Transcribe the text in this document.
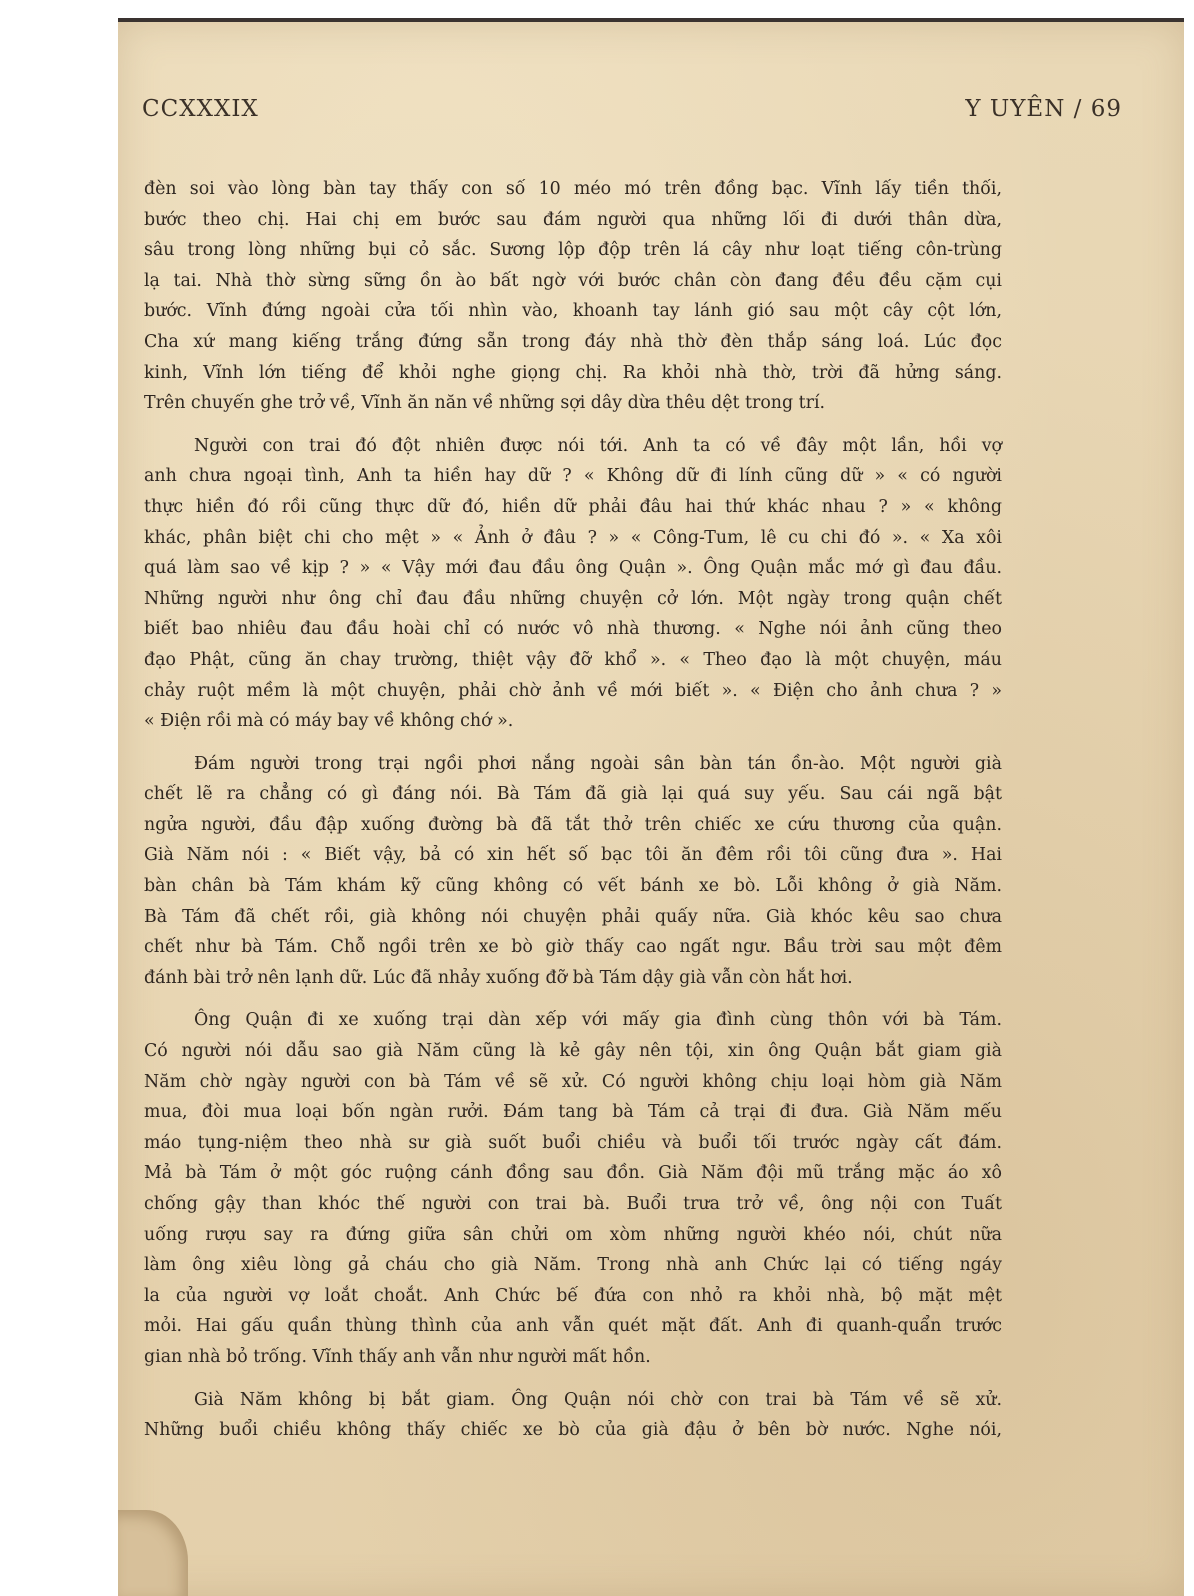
CCXXXIX	Y UYÊN / 69
đèn soi vào lòng bàn tay thấy con số 10 méo mó trên đồng bạc. Vĩnh lấy tiền thối,
bước theo chị. Hai chị em bước sau đám người qua những lối đi dưới thân dừa,
sâu trong lòng những bụi cỏ sắc. Sương lộp độp trên lá cây như loạt tiếng côn-trùng
lạ tai. Nhà thờ sừng sững ồn ào bất ngờ với bước chân còn đang đều đều cặm cụi
bước. Vĩnh đứng ngoài cửa tối nhìn vào, khoanh tay lánh gió sau một cây cột lớn,
Cha xứ mang kiếng trắng đứng sẵn trong đáy nhà thờ đèn thắp sáng loá. Lúc đọc
kinh, Vĩnh lớn tiếng để khỏi nghe giọng chị. Ra khỏi nhà thờ, trời đã hửng sáng.
Trên chuyến ghe trở về, Vĩnh ăn năn về những sợi dây dừa thêu dệt trong trí.
Người con trai đó đột nhiên được nói tới. Anh ta có về đây một lần, hồi vợ
anh chưa ngoại tình, Anh ta hiền hay dữ ? « Không dữ đi lính cũng dữ » « có người
thực hiền đó rồi cũng thực dữ đó, hiền dữ phải đâu hai thứ khác nhau ? » « không
khác, phân biệt chi cho mệt » « Ảnh ở đâu ? » « Công-Tum, lê cu chi đó ». « Xa xôi
quá làm sao về kịp ? » « Vậy mới đau đầu ông Quận ». Ông Quận mắc mớ gì đau đầu.
Những người như ông chỉ đau đầu những chuyện cở lớn. Một ngày trong quận chết
biết bao nhiêu đau đầu hoài chỉ có nước vô nhà thương. « Nghe nói ảnh cũng theo
đạo Phật, cũng ăn chay trường, thiệt vậy đỡ khổ ». « Theo đạo là một chuyện, máu
chảy ruột mềm là một chuyện, phải chờ ảnh về mới biết ». « Điện cho ảnh chưa ? »
« Điện rồi mà có máy bay về không chớ ».
Đám người trong trại ngồi phơi nắng ngoài sân bàn tán ồn-ào. Một người già
chết lẽ ra chẳng có gì đáng nói. Bà Tám đã già lại quá suy yếu. Sau cái ngã bật
ngửa người, đầu đập xuống đường bà đã tắt thở trên chiếc xe cứu thương của quận.
Già Năm nói : « Biết vậy, bả có xin hết số bạc tôi ăn đêm rồi tôi cũng đưa ». Hai
bàn chân bà Tám khám kỹ cũng không có vết bánh xe bò. Lỗi không ở già Năm.
Bà Tám đã chết rồi, già không nói chuyện phải quấy nữa. Già khóc kêu sao chưa
chết như bà Tám. Chỗ ngồi trên xe bò giờ thấy cao ngất ngư. Bầu trời sau một đêm
đánh bài trở nên lạnh dữ. Lúc đã nhảy xuống đỡ bà Tám dậy già vẫn còn hắt hơi.
Ông Quận đi xe xuống trại dàn xếp với mấy gia đình cùng thôn với bà Tám.
Có người nói dẫu sao già Năm cũng là kẻ gây nên tội, xin ông Quận bắt giam già
Năm chờ ngày người con bà Tám về sẽ xử. Có người không chịu loại hòm già Năm
mua, đòi mua loại bốn ngàn rưởi. Đám tang bà Tám cả trại đi đưa. Già Năm mếu
máo tụng-niệm theo nhà sư già suốt buổi chiều và buổi tối trước ngày cất đám.
Mả bà Tám ở một góc ruộng cánh đồng sau đồn. Già Năm đội mũ trắng mặc áo xô
chống gậy than khóc thế người con trai bà. Buổi trưa trở về, ông nội con Tuất
uống rượu say ra đứng giữa sân chửi om xòm những người khéo nói, chút nữa
làm ông xiêu lòng gả cháu cho già Năm. Trong nhà anh Chức lại có tiếng ngáy
la của người vợ loắt choắt. Anh Chức bế đứa con nhỏ ra khỏi nhà, bộ mặt mệt
mỏi. Hai gấu quần thùng thình của anh vẫn quét mặt đất. Anh đi quanh-quẩn trước
gian nhà bỏ trống. Vĩnh thấy anh vẫn như người mất hồn.
Già Năm không bị bắt giam. Ông Quận nói chờ con trai bà Tám về sẽ xử.
Những buổi chiều không thấy chiếc xe bò của già đậu ở bên bờ nước. Nghe nói,
